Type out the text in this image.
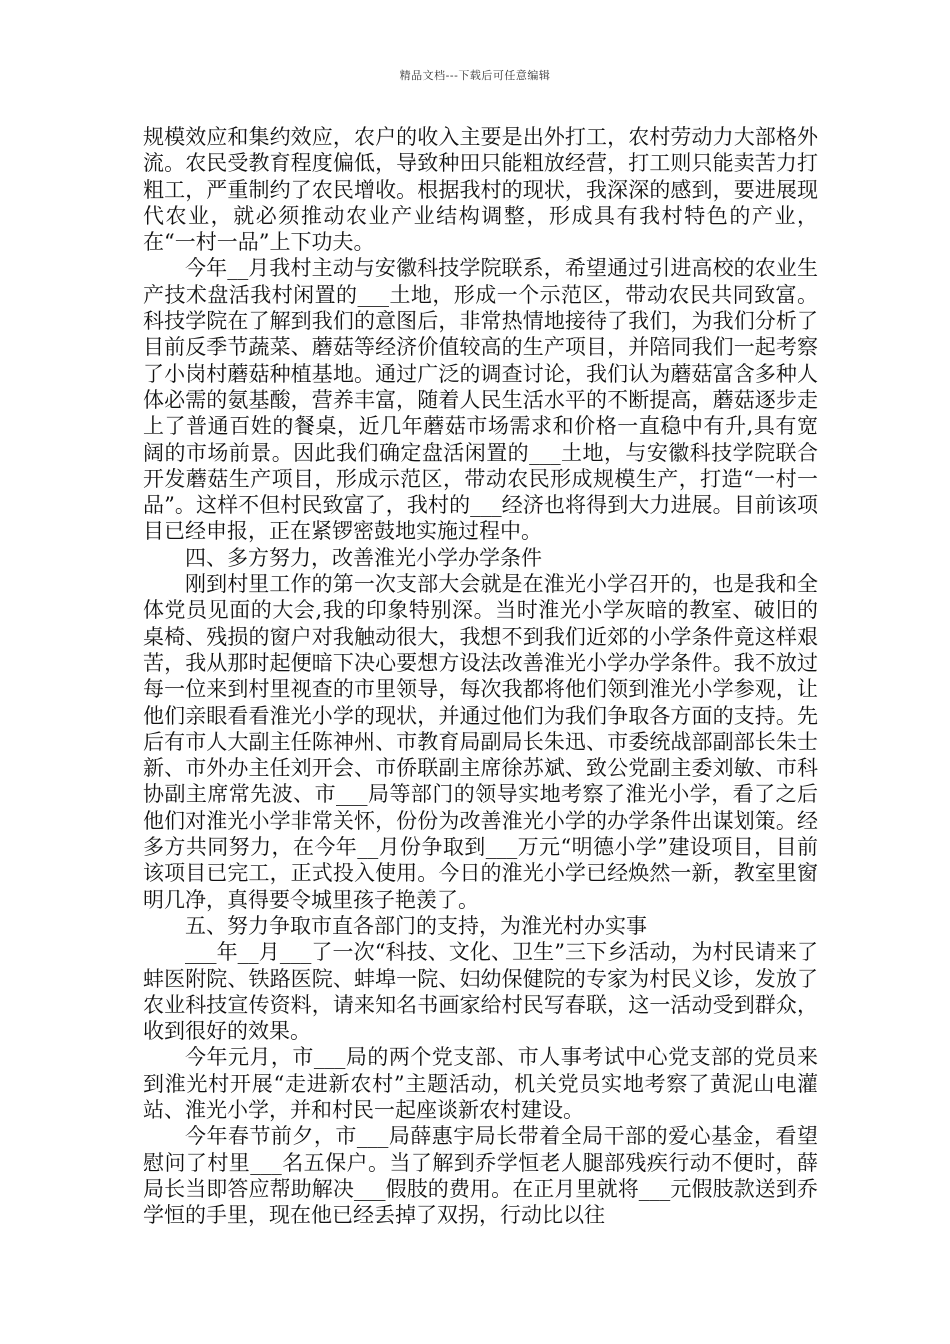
精品文档---下载后可任意编辑

规模效应和集约效应，农户的收入主要是出外打工，农村劳动力大部格外流。农民受教育程度偏低，导致种田只能粗放经营，打工则只能卖苦力打粗工，严重制约了农民增收。根据我村的现状，我深深的感到，要进展现代农业，就必须推动农业产业结构调整，形成具有我村特色的产业，在“一村一品”上下功夫。

今年__月我村主动与安徽科技学院联系，希望通过引进高校的农业生产技术盘活我村闲置的___土地，形成一个示范区，带动农民共同致富。科技学院在了解到我们的意图后，非常热情地接待了我们，为我们分析了目前反季节蔬菜、蘑菇等经济价值较高的生产项目，并陪同我们一起考察了小岗村蘑菇种植基地。通过广泛的调查讨论，我们认为蘑菇富含多种人体必需的氨基酸，营养丰富，随着人民生活水平的不断提高，蘑菇逐步走上了普通百姓的餐桌，近几年蘑菇市场需求和价格一直稳中有升,具有宽阔的市场前景。因此我们确定盘活闲置的___土地，与安徽科技学院联合开发蘑菇生产项目，形成示范区，带动农民形成规模生产，打造“一村一品”。这样不但村民致富了，我村的___经济也将得到大力进展。目前该项目已经申报，正在紧锣密鼓地实施过程中。

四、多方努力，改善淮光小学办学条件

刚到村里工作的第一次支部大会就是在淮光小学召开的，也是我和全体党员见面的大会,我的印象特别深。当时淮光小学灰暗的教室、破旧的桌椅、残损的窗户对我触动很大，我想不到我们近郊的小学条件竟这样艰苦，我从那时起便暗下决心要想方设法改善淮光小学办学条件。我不放过每一位来到村里视查的市里领导，每次我都将他们领到淮光小学参观，让他们亲眼看看淮光小学的现状，并通过他们为我们争取各方面的支持。先后有市人大副主任陈神州、市教育局副局长朱迅、市委统战部副部长朱士新、市外办主任刘开会、市侨联副主席徐苏斌、致公党副主委刘敏、市科协副主席常先波、市___局等部门的领导实地考察了淮光小学，看了之后他们对淮光小学非常关怀，份份为改善淮光小学的办学条件出谋划策。经多方共同努力，在今年__月份争取到___万元“明德小学”建设项目，目前该项目已完工，正式投入使用。今日的淮光小学已经焕然一新，教室里窗明几净，真得要令城里孩子艳羡了。

五、努力争取市直各部门的支持，为淮光村办实事

___年__月___了一次“科技、文化、卫生”三下乡活动，为村民请来了蚌医附院、铁路医院、蚌埠一院、妇幼保健院的专家为村民义诊，发放了农业科技宣传资料，请来知名书画家给村民写春联，这一活动受到群众，收到很好的效果。

今年元月，市___局的两个党支部、市人事考试中心党支部的党员来到淮光村开展“走进新农村”主题活动，机关党员实地考察了黄泥山电灌站、淮光小学，并和村民一起座谈新农村建设。

今年春节前夕，市___局薛惠宇局长带着全局干部的爱心基金，看望慰问了村里___名五保户。当了解到乔学恒老人腿部残疾行动不便时，薛局长当即答应帮助解决___假肢的费用。在正月里就将___元假肢款送到乔学恒的手里，现在他已经丢掉了双拐，行动比以往
